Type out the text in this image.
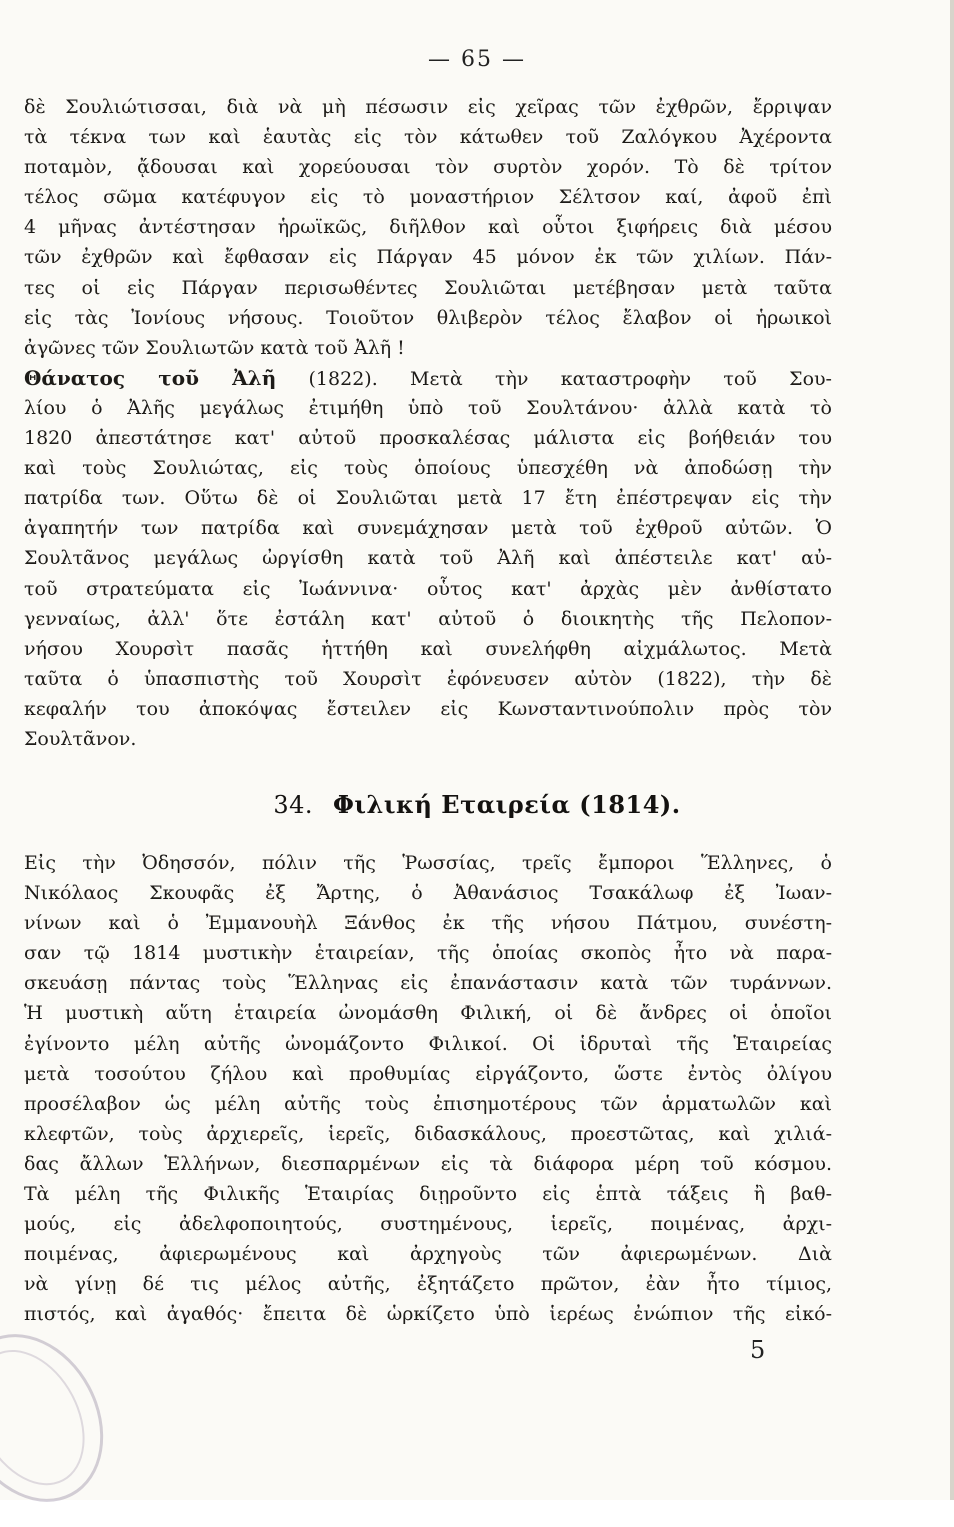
— 65 —
δὲ Σουλιώτισσαι, διὰ νὰ μὴ πέσωσιν εἰς χεῖρας τῶν ἐχθρῶν, ἔρριψαν
τὰ τέκνα των καὶ ἑαυτὰς εἰς τὸν κάτωθεν τοῦ Ζαλόγκου Ἀχέροντα
ποταμὸν, ᾄδουσαι καὶ χορεύουσαι τὸν συρτὸν χορόν. Τὸ δὲ τρίτον
τέλος σῶμα κατέφυγον εἰς τὸ μοναστήριον Σέλτσον καί, ἀφοῦ ἐπὶ
4 μῆνας ἀντέστησαν ἡρωϊκῶς, διῆλθον καὶ οὗτοι ξιφήρεις διὰ μέσου
τῶν ἐχθρῶν καὶ ἔφθασαν εἰς Πάργαν 45 μόνον ἐκ τῶν χιλίων. Πάν-
τες οἱ εἰς Πάργαν περισωθέντες Σουλιῶται μετέβησαν μετὰ ταῦτα
εἰς τὰς Ἰονίους νήσους. Τοιοῦτον θλιβερὸν τέλος ἔλαβον οἱ ἡρωικοὶ
ἀγῶνες τῶν Σουλιωτῶν κατὰ τοῦ Ἀλῆ !
Θάνατος τοῦ Ἀλῆ (1822). Μετὰ τὴν καταστροφὴν τοῦ Σου-
λίου ὁ Ἀλῆς μεγάλως ἐτιμήθη ὑπὸ τοῦ Σουλτάνου· ἀλλὰ κατὰ τὸ
1820 ἀπεστάτησε κατ' αὐτοῦ προσκαλέσας μάλιστα εἰς βοήθειάν του
καὶ τοὺς Σουλιώτας, εἰς τοὺς ὁποίους ὑπεσχέθη νὰ ἀποδώσῃ τὴν
πατρίδα των. Οὕτω δὲ οἱ Σουλιῶται μετὰ 17 ἔτη ἐπέστρεψαν εἰς τὴν
ἀγαπητήν των πατρίδα καὶ συνεμάχησαν μετὰ τοῦ ἐχθροῦ αὐτῶν. Ὁ
Σουλτᾶνος μεγάλως ὠργίσθη κατὰ τοῦ Ἀλῆ καὶ ἀπέστειλε κατ' αὐ-
τοῦ στρατεύματα εἰς Ἰωάννινα· οὗτος κατ' ἀρχὰς μὲν ἀνθίστατο
γενναίως, ἀλλ' ὅτε ἐστάλη κατ' αὐτοῦ ὁ διοικητὴς τῆς Πελοπον-
νήσου Χουρσὶτ πασᾶς ἡττήθη καὶ συνελήφθη αἰχμάλωτος. Μετὰ
ταῦτα ὁ ὑπασπιστὴς τοῦ Χουρσὶτ ἐφόνευσεν αὐτὸν (1822), τὴν δὲ
κεφαλήν του ἀποκόψας ἔστειλεν εἰς Κωνσταντινούπολιν πρὸς τὸν
Σουλτᾶνον.
34. Φιλική Εταιρεία (1814).
Εἰς τὴν Ὀδησσόν, πόλιν τῆς Ῥωσσίας, τρεῖς ἔμποροι Ἕλληνες, ὁ
Νικόλαος Σκουφᾶς ἐξ Ἄρτης, ὁ Ἀθανάσιος Τσακάλωφ ἐξ Ἰωαν-
νίνων καὶ ὁ Ἐμμανουὴλ Ξάνθος ἐκ τῆς νήσου Πάτμου, συνέστη-
σαν τῷ 1814 μυστικὴν ἑταιρείαν, τῆς ὁποίας σκοπὸς ἦτο νὰ παρα-
σκευάσῃ πάντας τοὺς Ἕλληνας εἰς ἐπανάστασιν κατὰ τῶν τυράννων.
Ἡ μυστικὴ αὕτη ἑταιρεία ὠνομάσθη Φιλική, οἱ δὲ ἄνδρες οἱ ὁποῖοι
ἐγίνοντο μέλη αὐτῆς ὠνομάζοντο Φιλικοί. Οἱ ἱδρυταὶ τῆς Ἑταιρείας
μετὰ τοσούτου ζήλου καὶ προθυμίας εἰργάζοντο, ὥστε ἐντὸς ὀλίγου
προσέλαβον ὡς μέλη αὐτῆς τοὺς ἐπισημοτέρους τῶν ἁρματωλῶν καὶ
κλεφτῶν, τοὺς ἀρχιερεῖς, ἱερεῖς, διδασκάλους, προεστῶτας, καὶ χιλιά-
δας ἄλλων Ἑλλήνων, διεσπαρμένων εἰς τὰ διάφορα μέρη τοῦ κόσμου.
Τὰ μέλη τῆς Φιλικῆς Ἑταιρίας διῃροῦντο εἰς ἑπτὰ τάξεις ἢ βαθ-
μούς, εἰς ἀδελφοποιητούς, συστημένους, ἱερεῖς, ποιμένας, ἀρχι-
ποιμένας, ἀφιερωμένους καὶ ἀρχηγοὺς τῶν ἀφιερωμένων. Διὰ
νὰ γίνῃ δέ τις μέλος αὐτῆς, ἐξητάζετο πρῶτον, ἐὰν ἦτο τίμιος,
πιστός, καὶ ἀγαθός· ἔπειτα δὲ ὡρκίζετο ὑπὸ ἱερέως ἐνώπιον τῆς εἰκό-
5
